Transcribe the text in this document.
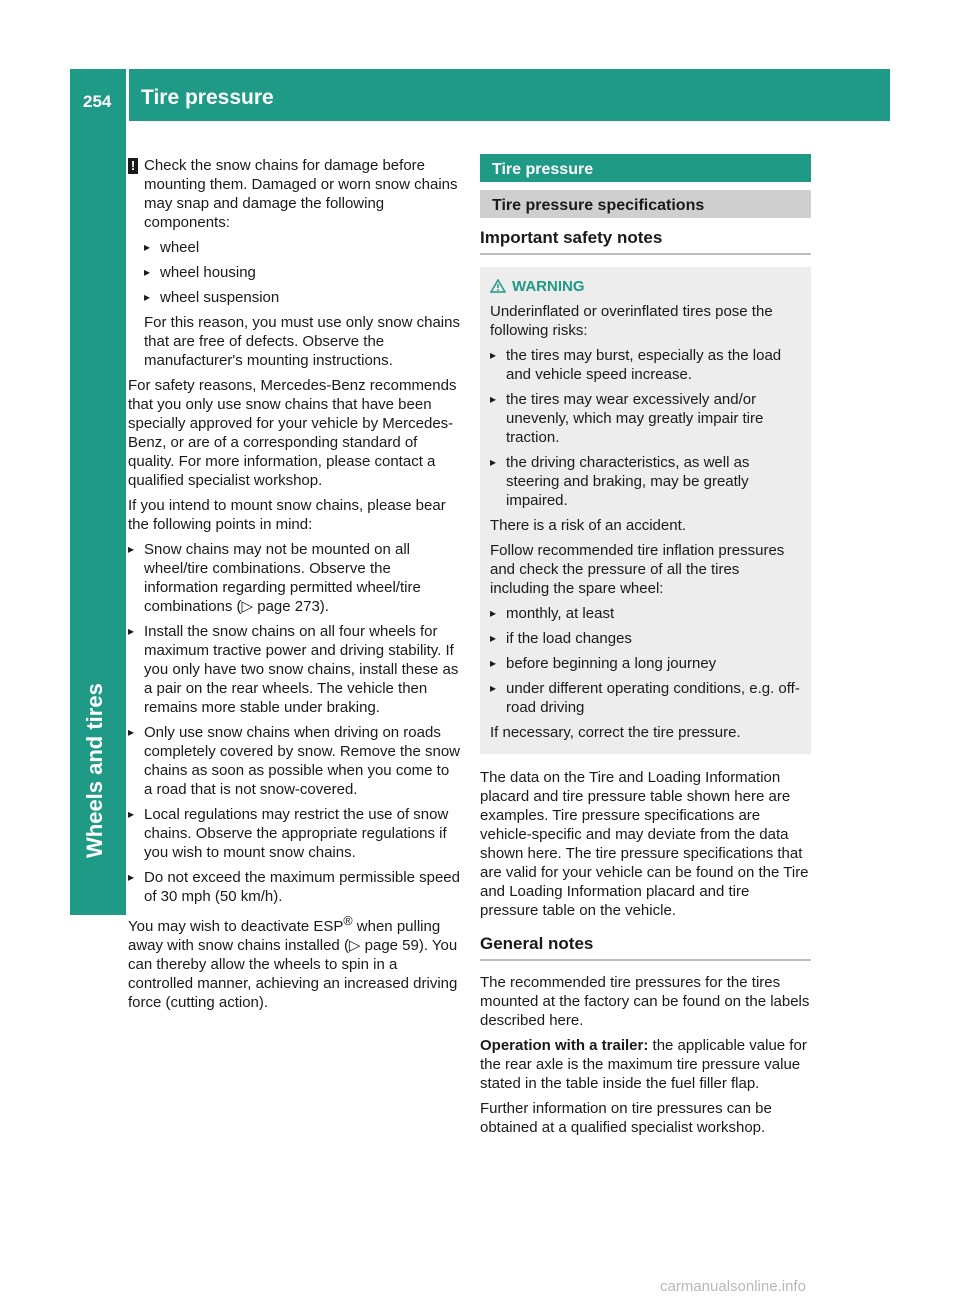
254 Tire pressure

! Check the snow chains for damage before mounting them. Damaged or worn snow chains may snap and damage the following components:

▸ wheel
▸ wheel housing
▸ wheel suspension

For this reason, you must use only snow chains that are free of defects. Observe the manufacturer's mounting instructions.

For safety reasons, Mercedes-Benz recommends that you only use snow chains that have been specially approved for your vehicle by Mercedes-Benz, or are of a corresponding standard of quality. For more information, please contact a qualified specialist workshop.

If you intend to mount snow chains, please bear the following points in mind:

▸ Snow chains may not be mounted on all wheel/tire combinations. Observe the information regarding permitted wheel/tire combinations (▷ page 273).
▸ Install the snow chains on all four wheels for maximum tractive power and driving stability. If you only have two snow chains, install these as a pair on the rear wheels. The vehicle then remains more stable under braking.
▸ Only use snow chains when driving on roads completely covered by snow. Remove the snow chains as soon as possible when you come to a road that is not snow-covered.
▸ Local regulations may restrict the use of snow chains. Observe the appropriate regulations if you wish to mount snow chains.
▸ Do not exceed the maximum permissible speed of 30 mph (50 km/h).

You may wish to deactivate ESP® when pulling away with snow chains installed (▷ page 59). You can thereby allow the wheels to spin in a controlled manner, achieving an increased driving force (cutting action).

Tire pressure
Tire pressure specifications
Important safety notes
WARNING

Underinflated or overinflated tires pose the following risks:

▸ the tires may burst, especially as the load and vehicle speed increase.
▸ the tires may wear excessively and/or unevenly, which may greatly impair tire traction.
▸ the driving characteristics, as well as steering and braking, may be greatly impaired.

There is a risk of an accident.

Follow recommended tire inflation pressures and check the pressure of all the tires including the spare wheel:

▸ monthly, at least
▸ if the load changes
▸ before beginning a long journey
▸ under different operating conditions, e.g. off-road driving

If necessary, correct the tire pressure.

The data on the Tire and Loading Information placard and tire pressure table shown here are examples. Tire pressure specifications are vehicle-specific and may deviate from the data shown here. The tire pressure specifications that are valid for your vehicle can be found on the Tire and Loading Information placard and tire pressure table on the vehicle.

General notes

The recommended tire pressures for the tires mounted at the factory can be found on the labels described here.

Operation with a trailer: the applicable value for the rear axle is the maximum tire pressure value stated in the table inside the fuel filler flap.

Further information on tire pressures can be obtained at a qualified specialist workshop.

carmanualsonline.info
